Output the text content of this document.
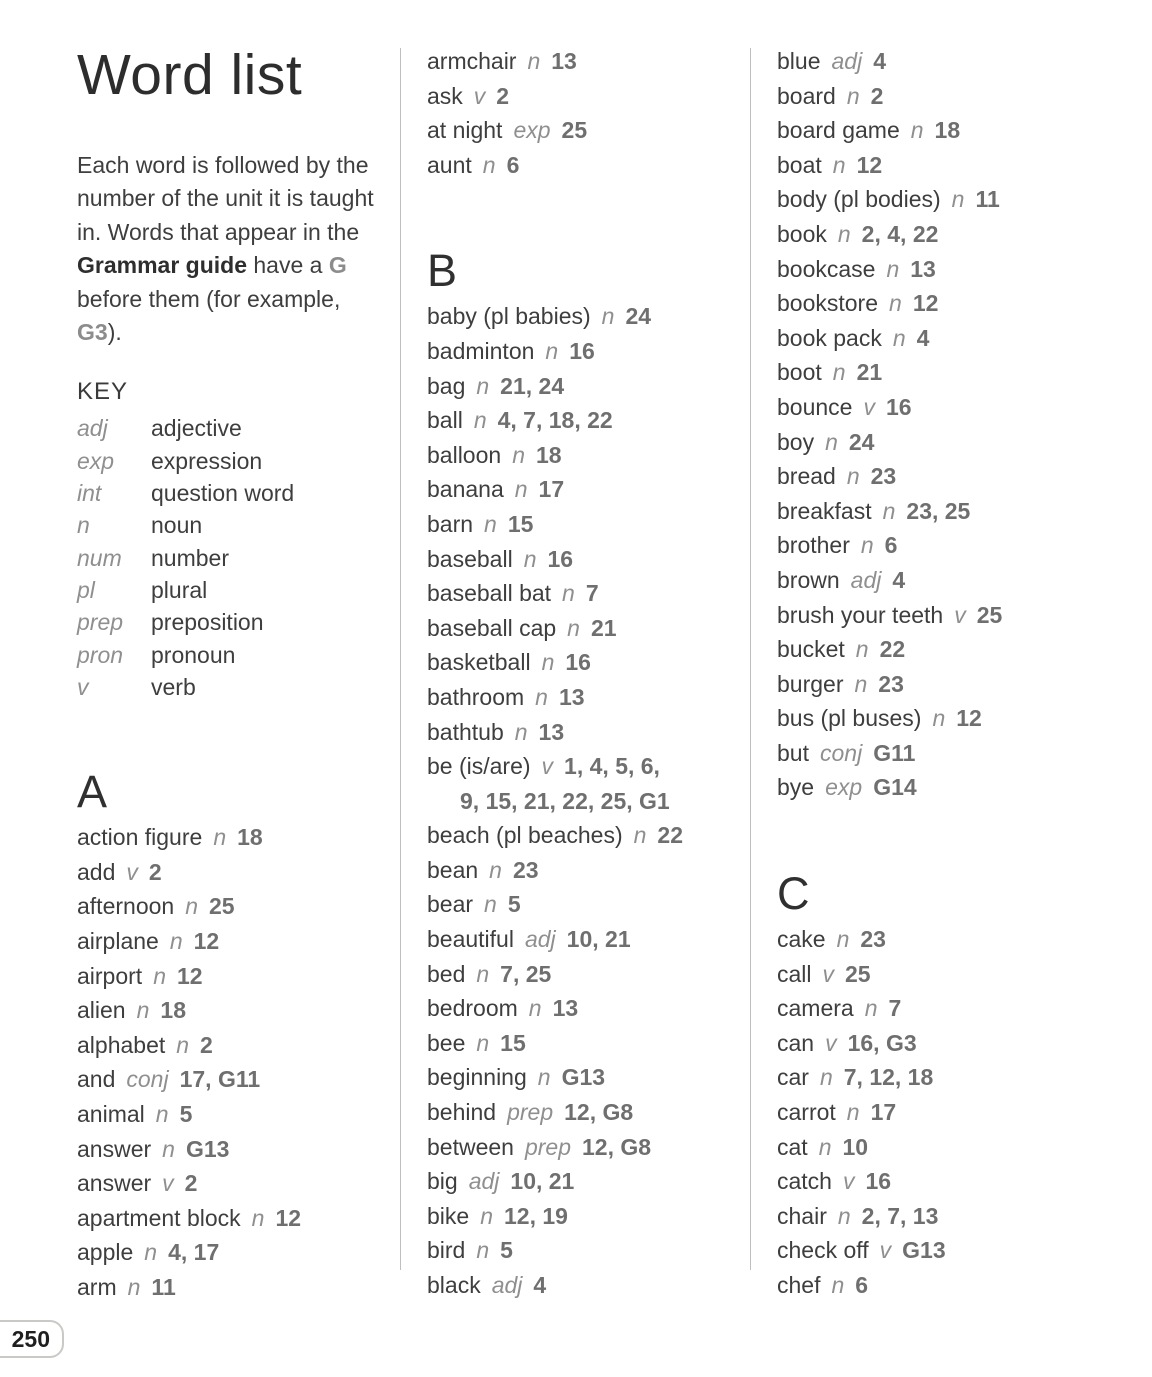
Word list
Each word is followed by the number of the unit it is taught in. Words that appear in the Grammar guide have a G before them (for example, G3).
KEY
adj	adjective
exp	expression
int	question word
n	noun
num	number
pl	plural
prep	preposition
pron	pronoun
v	verb
A
action figure n 18
add v 2
afternoon n 25
airplane n 12
airport n 12
alien n 18
alphabet n 2
and conj 17, G11
animal n 5
answer n G13
answer v 2
apartment block n 12
apple n 4, 17
arm n 11
armchair n 13
ask v 2
at night exp 25
aunt n 6
B
baby (pl babies) n 24
badminton n 16
bag n 21, 24
ball n 4, 7, 18, 22
balloon n 18
banana n 17
barn n 15
baseball n 16
baseball bat n 7
baseball cap n 21
basketball n 16
bathroom n 13
bathtub n 13
be (is/are) v 1, 4, 5, 6,
9, 15, 21, 22, 25, G1
beach (pl beaches) n 22
bean n 23
bear n 5
beautiful adj 10, 21
bed n 7, 25
bedroom n 13
bee n 15
beginning n G13
behind prep 12, G8
between prep 12, G8
big adj 10, 21
bike n 12, 19
bird n 5
black adj 4
blue adj 4
board n 2
board game n 18
boat n 12
body (pl bodies) n 11
book n 2, 4, 22
bookcase n 13
bookstore n 12
book pack n 4
boot n 21
bounce v 16
boy n 24
bread n 23
breakfast n 23, 25
brother n 6
brown adj 4
brush your teeth v 25
bucket n 22
burger n 23
bus (pl buses) n 12
but conj G11
bye exp G14
C
cake n 23
call v 25
camera n 7
can v 16, G3
car n 7, 12, 18
carrot n 17
cat n 10
catch v 16
chair n 2, 7, 13
check off v G13
chef n 6
250
